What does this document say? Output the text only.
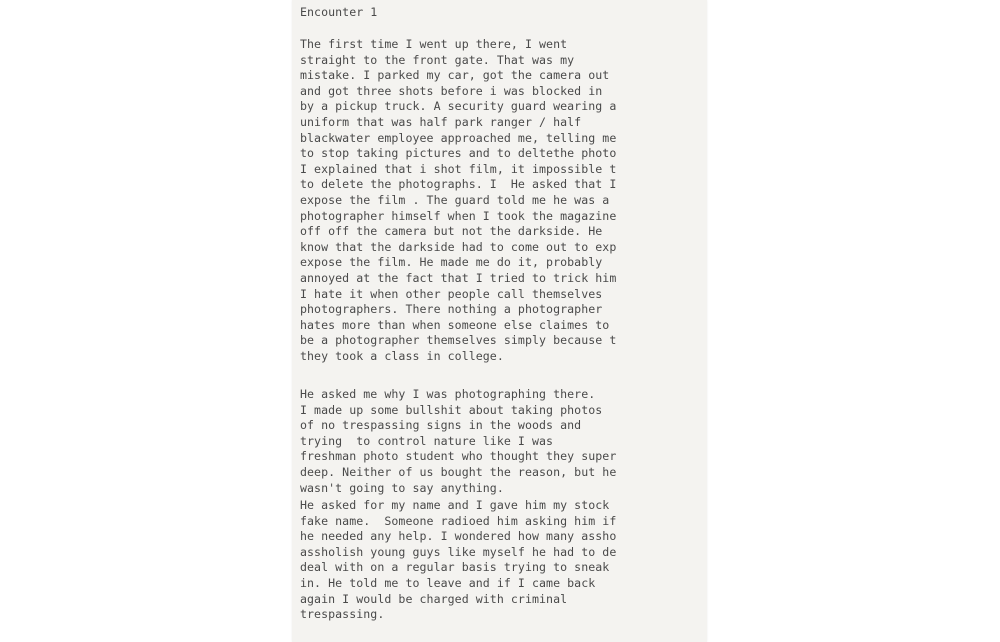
Encounter 1
The first time I went up there, I went
straight to the front gate. That was my
mistake. I parked my car, got the camera out
and got three shots before i was blocked in
by a pickup truck. A security guard wearing a
uniform that was half park ranger / half
blackwater employee approached me, telling me
to stop taking pictures and to deltethe photo
I explained that i shot film, it impossible t
to delete the photographs. I  He asked that I
expose the film . The guard told me he was a
photographer himself when I took the magazine
off off the camera but not the darkside. He
know that the darkside had to come out to exp
expose the film. He made me do it, probably
annoyed at the fact that I tried to trick him
I hate it when other people call themselves
photographers. There nothing a photographer
hates more than when someone else claimes to
be a photographer themselves simply because t
they took a class in college.
He asked me why I was photographing there.
I made up some bullshit about taking photos
of no trespassing signs in the woods and
trying  to control nature like I was
freshman photo student who thought they super
deep. Neither of us bought the reason, but he
wasn't going to say anything.
He asked for my name and I gave him my stock
fake name.  Someone radioed him asking him if
he needed any help. I wondered how many assho
assholish young guys like myself he had to de
deal with on a regular basis trying to sneak
in. He told me to leave and if I came back
again I would be charged with criminal
trespassing.
